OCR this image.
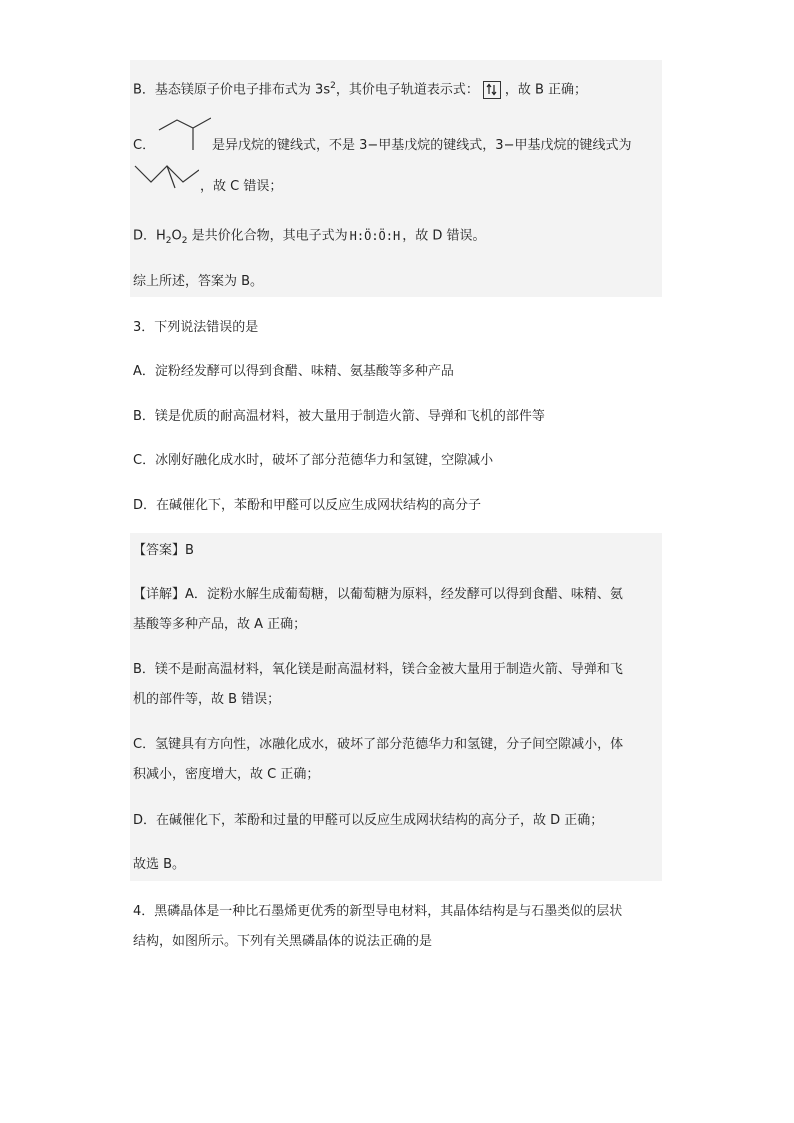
B．基态镁原子价电子排布式为 $3s^2$，其价电子轨道表示式： ，故 B 正确；
C．	是异戊烷的键线式，不是 3−甲基戊烷的键线式，3−甲基戊烷的键线式为
，故 C 错误；
D．$H_2O_2$ 是共价化合物，其电子式为 H:Ö:Ö:H ，故 D 错误。
综上所述，答案为 B。
3．下列说法错误的是
A．淀粉经发酵可以得到食醋、味精、氨基酸等多种产品
B．镁是优质的耐高温材料，被大量用于制造火箭、导弹和飞机的部件等
C．冰刚好融化成水时，破坏了部分范德华力和氢键，空隙减小
D．在碱催化下，苯酚和甲醛可以反应生成网状结构的高分子
【答案】B
【详解】A．淀粉水解生成葡萄糖，以葡萄糖为原料，经发酵可以得到食醋、味精、氨
基酸等多种产品，故 A 正确；
B．镁不是耐高温材料，氧化镁是耐高温材料，镁合金被大量用于制造火箭、导弹和飞
机的部件等，故 B 错误；
C．氢键具有方向性，冰融化成水，破坏了部分范德华力和氢键，分子间空隙减小，体
积减小，密度增大，故 C 正确；
D．在碱催化下，苯酚和过量的甲醛可以反应生成网状结构的高分子，故 D 正确；
故选 B。
4．黑磷晶体是一种比石墨烯更优秀的新型导电材料，其晶体结构是与石墨类似的层状
结构，如图所示。下列有关黑磷晶体的说法正确的是
